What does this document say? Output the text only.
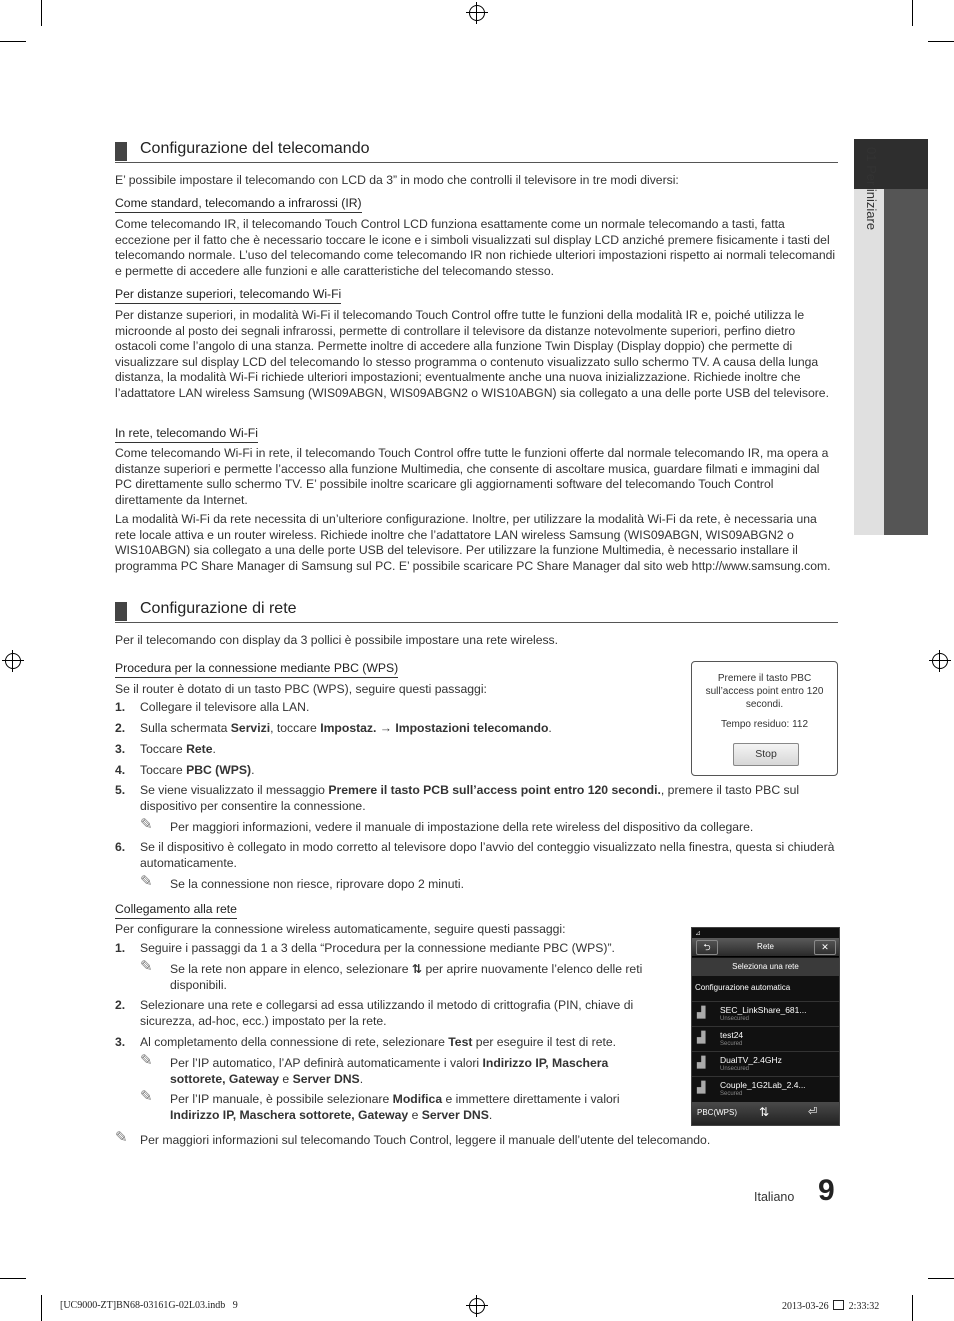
01 Per iniziare
Configurazione del telecomando
E’ possibile impostare il telecomando con LCD da 3” in modo che controlli il televisore in tre modi diversi:
Come standard, telecomando a infrarossi (IR)
Come telecomando IR, il telecomando Touch Control LCD funziona esattamente come un normale telecomando a tasti, fatta eccezione per il fatto che è necessario toccare le icone e i simboli visualizzati sul display LCD anziché premere fisicamente i tasti del telecomando normale. L’uso del telecomando come telecomando IR non richiede ulteriori impostazioni rispetto ai normali telecomandi e permette di accedere alle funzioni e alle caratteristiche del telecomando stesso.
Per distanze superiori, telecomando Wi-Fi
Per distanze superiori, in modalità Wi-Fi il telecomando Touch Control offre tutte le funzioni della modalità IR e, poiché utilizza le microonde al posto dei segnali infrarossi, permette di controllare il televisore da distanze notevolmente superiori, perfino dietro ostacoli come l’angolo di una stanza. Permette inoltre di accedere alla funzione Twin Display (Display doppio) che permette di visualizzare sul display LCD del telecomando lo stesso programma o contenuto visualizzato sullo schermo TV. A causa della lunga distanza, la modalità Wi-Fi richiede ulteriori impostazioni; eventualmente anche una nuova inizializzazione. Richiede inoltre che l’adattatore LAN wireless Samsung (WIS09ABGN, WIS09ABGN2 o WIS10ABGN) sia collegato a una delle porte USB del televisore.
In rete, telecomando Wi-Fi
Come telecomando Wi-Fi in rete, il telecomando Touch Control offre tutte le funzioni offerte dal normale telecomando IR, ma opera a distanze superiori e permette l’accesso alla funzione Multimedia, che consente di ascoltare musica, guardare filmati e immagini dal PC direttamente sullo schermo TV. E’ possibile inoltre scaricare gli aggiornamenti software del telecomando Touch Control direttamente da Internet.
La modalità Wi-Fi da rete necessita di un’ulteriore configurazione. Inoltre, per utilizzare la modalità Wi-Fi da rete, è necessaria una rete locale attiva e un router wireless. Richiede inoltre che l’adattatore LAN wireless Samsung (WIS09ABGN, WIS09ABGN2 o WIS10ABGN) sia collegato a una delle porte USB del televisore. Per utilizzare la funzione Multimedia, è necessario installare il programma PC Share Manager di Samsung sul PC. E’ possibile scaricare PC Share Manager dal sito web http://www.samsung.com.
Configurazione di rete
Per il telecomando con display da 3 pollici è possibile impostare una rete wireless.
Procedura per la connessione mediante PBC (WPS)
Se il router è dotato di un tasto PBC (WPS), seguire questi passaggi:
1. Collegare il televisore alla LAN.
2. Sulla schermata Servizi, toccare Impostaz. → Impostazioni telecomando.
3. Toccare Rete.
4. Toccare PBC (WPS).
5. Se viene visualizzato il messaggio Premere il tasto PCB sull’access point entro 120 secondi., premere il tasto PBC sul dispositivo per consentire la connessione.
✎ Per maggiori informazioni, vedere il manuale di impostazione della rete wireless del dispositivo da collegare.
6. Se il dispositivo è collegato in modo corretto al televisore dopo l’avvio del conteggio visualizzato nella finestra, questa si chiuderà automaticamente.
✎ Se la connessione non riesce, riprovare dopo 2 minuti.
Premere il tasto PBC sull’access point entro 120 secondi.
Tempo residuo: 112
Stop
Collegamento alla rete
Per configurare la connessione wireless automaticamente, seguire questi passaggi:
1. Seguire i passaggi da 1 a 3 della “Procedura per la connessione mediante PBC (WPS)”.
✎ Se la rete non appare in elenco, selezionare ⇅ per aprire nuovamente l’elenco delle reti disponibili.
2. Selezionare una rete e collegarsi ad essa utilizzando il metodo di crittografia (PIN, chiave di sicurezza, ad-hoc, ecc.) impostato per la rete.
3. Al completamento della connessione di rete, selezionare Test per eseguire il test di rete.
✎ Per l’IP automatico, l’AP definirà automaticamente i valori Indirizzo IP, Maschera sottorete, Gateway e Server DNS.
✎ Per l’IP manuale, è possibile selezionare Modifica e immettere direttamente i valori Indirizzo IP, Maschera sottorete, Gateway e Server DNS.
✎ Per maggiori informazioni sul telecomando Touch Control, leggere il manuale dell’utente del telecomando.
⊿
⮌	Rete	✕
Seleziona una rete
Configurazione automatica
▟ SEC_LinkShare_681...
Unsecured
▟ test24
Secured
▟ DualTV_2.4GHz
Unsecured
▟ Couple_1G2Lab_2.4...
Secured
PBC(WPS) ⇅	⏎
Italiano 9
[UC9000-ZT]BN68-03161G-02L03.indb   9	2013-03-26 2:33:32
